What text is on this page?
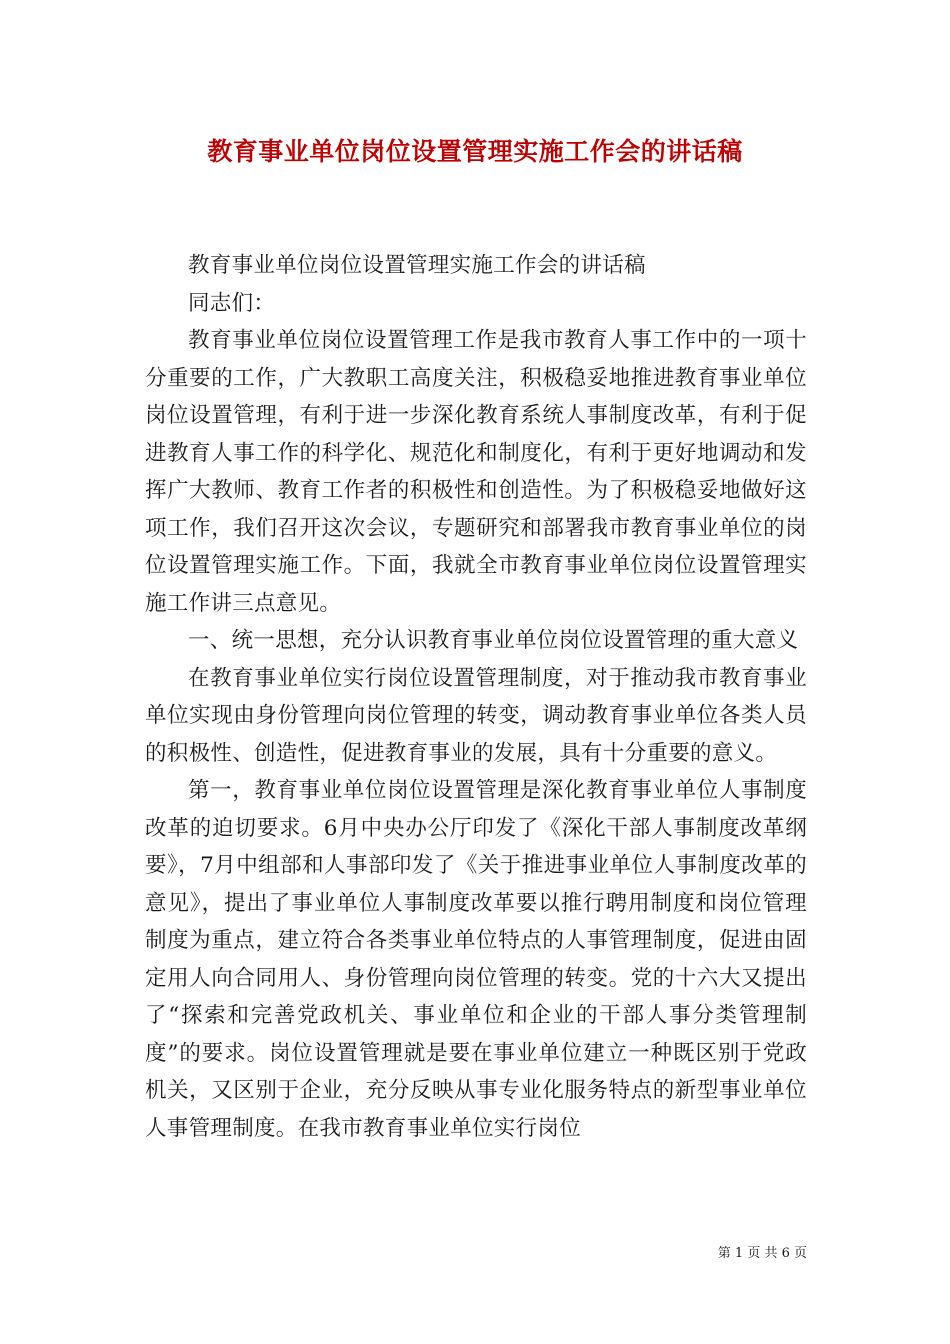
教育事业单位岗位设置管理实施工作会的讲话稿

教育事业单位岗位设置管理实施工作会的讲话稿

同志们：

教育事业单位岗位设置管理工作是我市教育人事工作中的一项十分重要的工作，广大教职工高度关注，积极稳妥地推进教育事业单位岗位设置管理，有利于进一步深化教育系统人事制度改革，有利于促进教育人事工作的科学化、规范化和制度化，有利于更好地调动和发挥广大教师、教育工作者的积极性和创造性。为了积极稳妥地做好这项工作，我们召开这次会议，专题研究和部署我市教育事业单位的岗位设置管理实施工作。下面，我就全市教育事业单位岗位设置管理实施工作讲三点意见。

一、统一思想，充分认识教育事业单位岗位设置管理的重大意义

在教育事业单位实行岗位设置管理制度，对于推动我市教育事业单位实现由身份管理向岗位管理的转变，调动教育事业单位各类人员的积极性、创造性，促进教育事业的发展，具有十分重要的意义。

第一，教育事业单位岗位设置管理是深化教育事业单位人事制度改革的迫切要求。6月中央办公厅印发了《深化干部人事制度改革纲要》，7月中组部和人事部印发了《关于推进事业单位人事制度改革的意见》，提出了事业单位人事制度改革要以推行聘用制度和岗位管理制度为重点，建立符合各类事业单位特点的人事管理制度，促进由固定用人向合同用人、身份管理向岗位管理的转变。党的十六大又提出了“探索和完善党政机关、事业单位和企业的干部人事分类管理制度”的要求。岗位设置管理就是要在事业单位建立一种既区别于党政机关，又区别于企业，充分反映从事专业化服务特点的新型事业单位人事管理制度。在我市教育事业单位实行岗位

第 1 页 共 6 页
